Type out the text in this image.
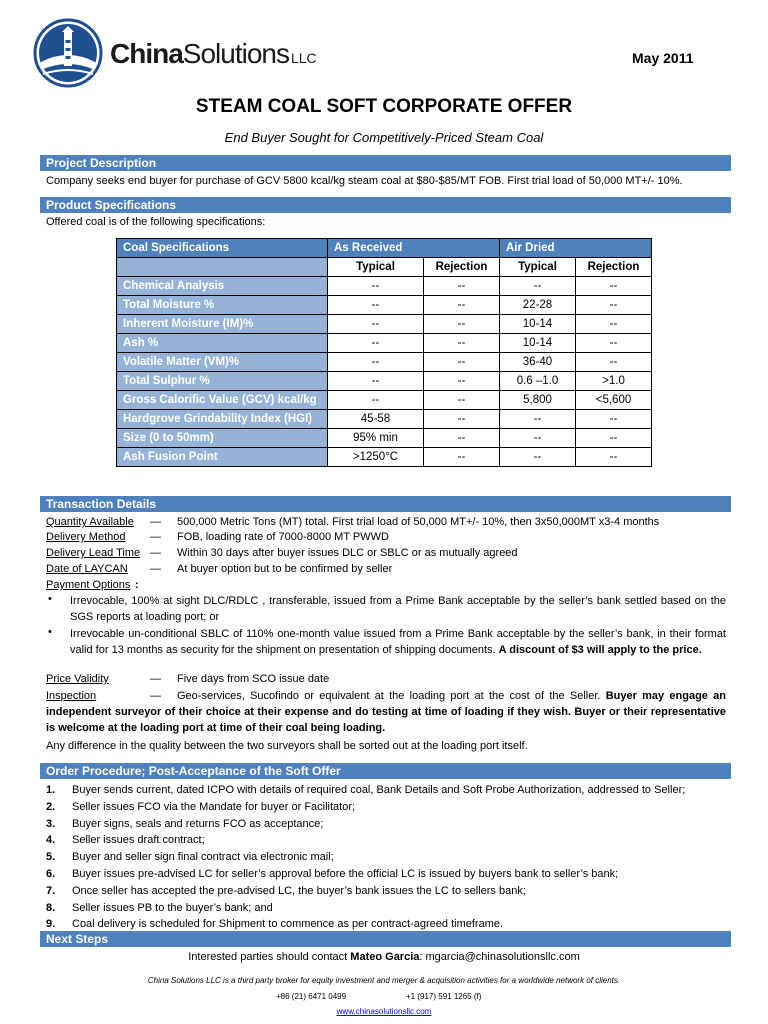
ChinaSolutions LLC	May 2011
STEAM COAL SOFT CORPORATE OFFER
End Buyer Sought for Competitively-Priced Steam Coal
Project Description
Company seeks end buyer for purchase of GCV 5800 kcal/kg steam coal at $80-$85/MT FOB. First trial load of 50,000 MT+/- 10%.
Product Specifications
Offered coal is of the following specifications:
Coal Specifications	As Received		Air Dried	
	Typical	Rejection	Typical	Rejection
Chemical Analysis	--	--	--	--
Total Moisture %	--	--	22-28	--
Inherent Moisture (IM)%	--	--	10-14	--
Ash %	--	--	10-14	--
Volatile Matter (VM)%	--	--	36-40	--
Total Sulphur %	--	--	0.6 –1.0	>1.0
Gross Calorific Value (GCV) kcal/kg	--	--	5,800	<5,600
Hardgrove Grindability Index (HGI)	45-58	--	--	--
Size (0 to 50mm)	95% min	--	--	--
Ash Fusion Point	>1250°C	--	--	--
Transaction Details
Quantity Available — 500,000 Metric Tons (MT) total. First trial load of 50,000 MT+/- 10%, then 3x50,000MT x3-4 months
Delivery Method — FOB, loading rate of 7000-8000 MT PWWD
Delivery Lead Time — Within 30 days after buyer issues DLC or SBLC or as mutually agreed
Date of LAYCAN — At buyer option but to be confirmed by seller
Payment Options :
• Irrevocable, 100% at sight DLC/RDLC , transferable, issued from a Prime Bank acceptable by the seller’s bank settled based on the SGS reports at loading port; or
• Irrevocable un-conditional SBLC of 110% one-month value issued from a Prime Bank acceptable by the seller’s bank, in their format valid for 13 months as security for the shipment on presentation of shipping documents. A discount of $3 will apply to the price.
Price Validity	— Five days from SCO issue date
Inspection	— Geo-services, Sucofindo or equivalent at the loading port at the cost of the Seller. Buyer may engage an independent surveyor of their choice at their expense and do testing at time of loading if they wish. Buyer or their representative is welcome at the loading port at time of their coal being loading.
Any difference in the quality between the two surveyors shall be sorted out at the loading port itself.
Order Procedure; Post-Acceptance of the Soft Offer
1. Buyer sends current, dated ICPO with details of required coal, Bank Details and Soft Probe Authorization, addressed to Seller;
2. Seller issues FCO via the Mandate for buyer or Facilitator;
3. Buyer signs, seals and returns FCO as acceptance;
4. Seller issues draft contract;
5. Buyer and seller sign final contract via electronic mail;
6. Buyer issues pre-advised LC for seller’s approval before the official LC is issued by buyers bank to seller’s bank;
7. Once seller has accepted the pre-advised LC, the buyer’s bank issues the LC to sellers bank;
8. Seller issues PB to the buyer’s bank; and
9. Coal delivery is scheduled for Shipment to commence as per contract-agreed timeframe.
Next Steps
Interested parties should contact Mateo Garcia: mgarcia@chinasolutionsllc.com
China Solutions LLC is a third party broker for equity investment and merger & acquisition activities for a worldwide network of clients.
+86 (21) 6471 0499	+1 (917) 591 1265 (f)
www.chinasolutionsllc.com
